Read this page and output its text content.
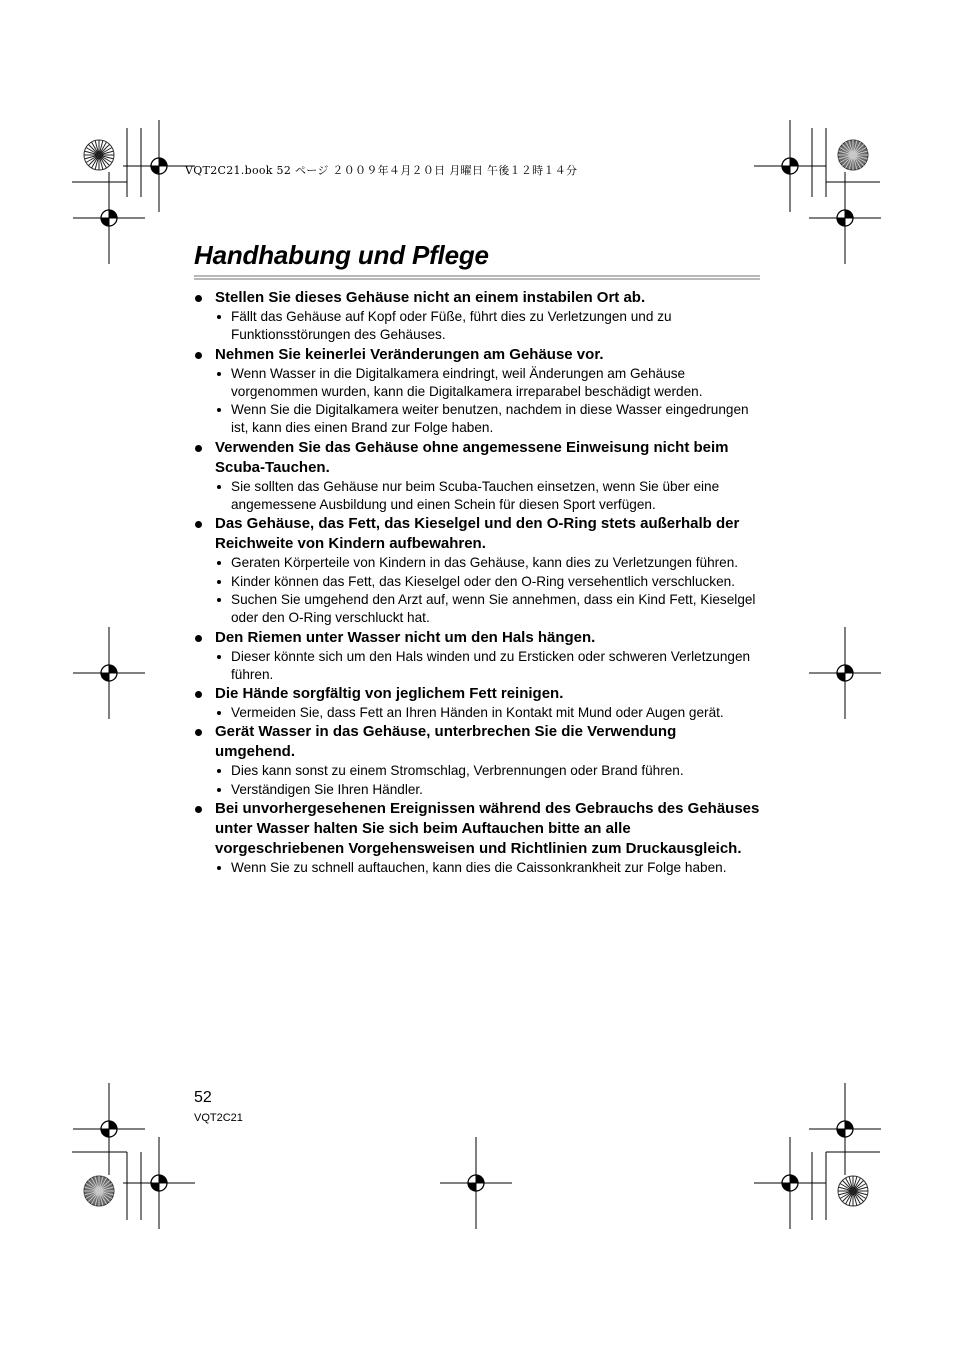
VQT2C21.book 52 ページ ２００９年４月２０日 月曜日 午後１２時１４分
Handhabung und Pflege
Stellen Sie dieses Gehäuse nicht an einem instabilen Ort ab.
Fällt das Gehäuse auf Kopf oder Füße, führt dies zu Verletzungen und zu Funktionsstörungen des Gehäuses.
Nehmen Sie keinerlei Veränderungen am Gehäuse vor.
Wenn Wasser in die Digitalkamera eindringt, weil Änderungen am Gehäuse vorgenommen wurden, kann die Digitalkamera irreparabel beschädigt werden.
Wenn Sie die Digitalkamera weiter benutzen, nachdem in diese Wasser eingedrungen ist, kann dies einen Brand zur Folge haben.
Verwenden Sie das Gehäuse ohne angemessene Einweisung nicht beim Scuba-Tauchen.
Sie sollten das Gehäuse nur beim Scuba-Tauchen einsetzen, wenn Sie über eine angemessene Ausbildung und einen Schein für diesen Sport verfügen.
Das Gehäuse, das Fett, das Kieselgel und den O-Ring stets außerhalb der Reichweite von Kindern aufbewahren.
Geraten Körperteile von Kindern in das Gehäuse, kann dies zu Verletzungen führen.
Kinder können das Fett, das Kieselgel oder den O-Ring versehentlich verschlucken.
Suchen Sie umgehend den Arzt auf, wenn Sie annehmen, dass ein Kind Fett, Kieselgel oder den O-Ring verschluckt hat.
Den Riemen unter Wasser nicht um den Hals hängen.
Dieser könnte sich um den Hals winden und zu Ersticken oder schweren Verletzungen führen.
Die Hände sorgfältig von jeglichem Fett reinigen.
Vermeiden Sie, dass Fett an Ihren Händen in Kontakt mit Mund oder Augen gerät.
Gerät Wasser in das Gehäuse, unterbrechen Sie die Verwendung umgehend.
Dies kann sonst zu einem Stromschlag, Verbrennungen oder Brand führen.
Verständigen Sie Ihren Händler.
Bei unvorhergesehenen Ereignissen während des Gebrauchs des Gehäuses unter Wasser halten Sie sich beim Auftauchen bitte an alle vorgeschriebenen Vorgehensweisen und Richtlinien zum Druckausgleich.
Wenn Sie zu schnell auftauchen, kann dies die Caissonkrankheit zur Folge haben.
52
VQT2C21
